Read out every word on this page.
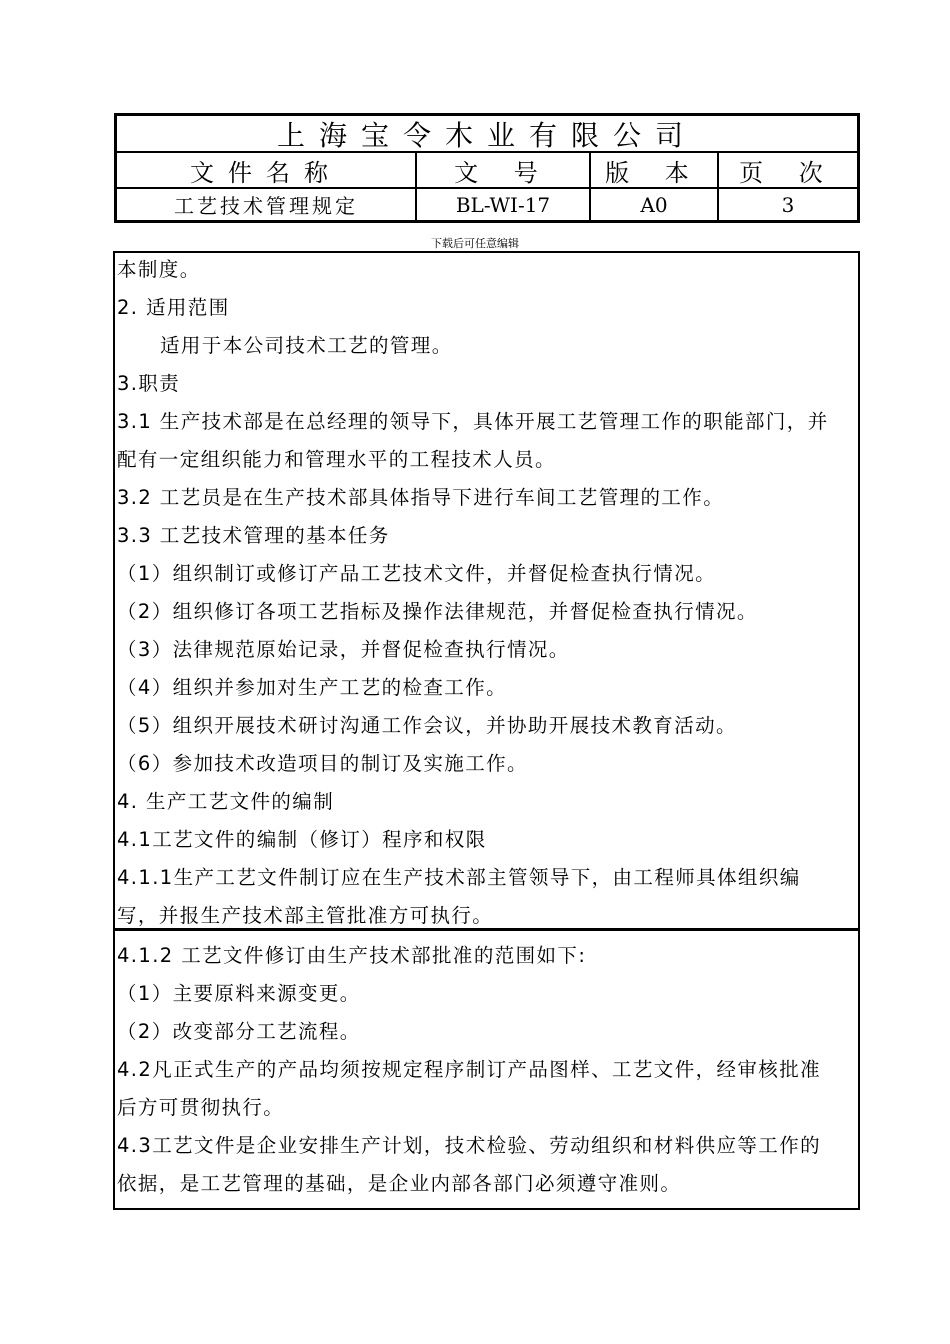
上海宝令木业有限公司
文件名称	文 号	版 本	页 次
工艺技术管理规定	BL-WI-17	A0	3
下载后可任意编辑
本制度。
2. 适用范围
适用于本公司技术工艺的管理。
3.职责
3.1 生产技术部是在总经理的领导下，具体开展工艺管理工作的职能部门，并
配有一定组织能力和管理水平的工程技术人员。
3.2 工艺员是在生产技术部具体指导下进行车间工艺管理的工作。
3.3 工艺技术管理的基本任务
（1）组织制订或修订产品工艺技术文件，并督促检查执行情况。
（2）组织修订各项工艺指标及操作法律规范，并督促检查执行情况。
（3）法律规范原始记录，并督促检查执行情况。
（4）组织并参加对生产工艺的检查工作。
（5）组织开展技术研讨沟通工作会议，并协助开展技术教育活动。
（6）参加技术改造项目的制订及实施工作。
4. 生产工艺文件的编制
4.1工艺文件的编制（修订）程序和权限
4.1.1生产工艺文件制订应在生产技术部主管领导下，由工程师具体组织编
写，并报生产技术部主管批准方可执行。
4.1.2 工艺文件修订由生产技术部批准的范围如下:
（1）主要原料来源变更。
（2）改变部分工艺流程。
4.2凡正式生产的产品均须按规定程序制订产品图样、工艺文件，经审核批准
后方可贯彻执行。
4.3工艺文件是企业安排生产计划，技术检验、劳动组织和材料供应等工作的
依据，是工艺管理的基础，是企业内部各部门必须遵守准则。
